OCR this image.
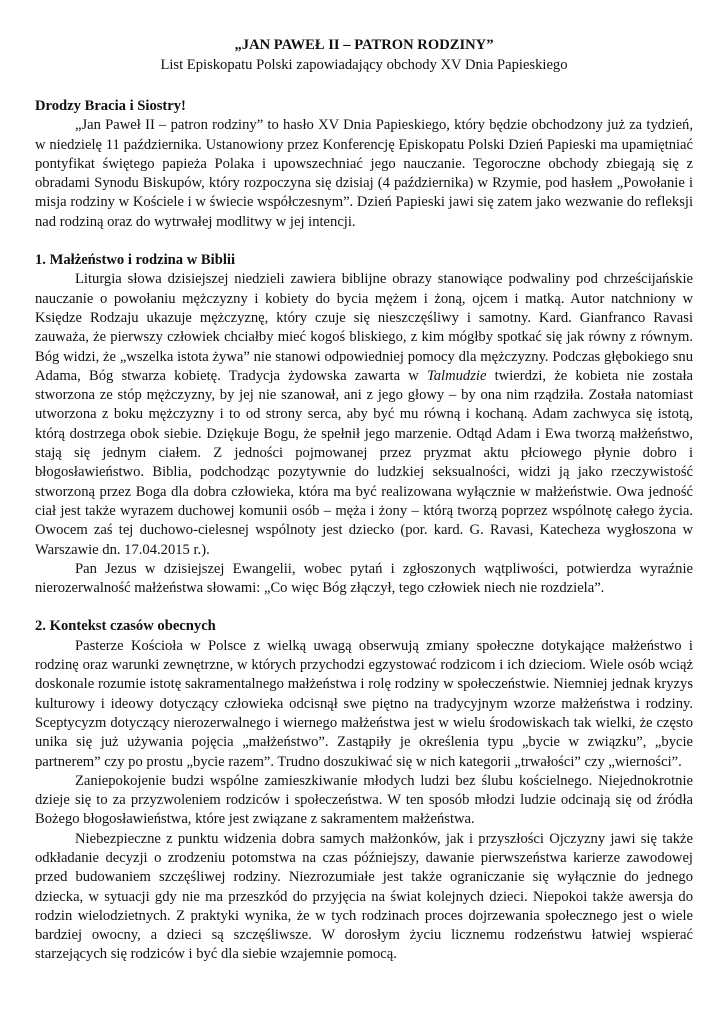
„JAN PAWEŁ II – PATRON RODZINY”

List Episkopatu Polski zapowiadający obchody XV Dnia Papieskiego

Drodzy Bracia i Siostry!

„Jan Paweł II – patron rodziny” to hasło XV Dnia Papieskiego, który będzie obchodzony już za tydzień, w niedzielę 11 października. Ustanowiony przez Konferencję Episkopatu Polski Dzień Papieski ma upamiętniać pontyfikat świętego papieża Polaka i upowszechniać jego nauczanie. Tegoroczne obchody zbiegają się z obradami Synodu Biskupów, który rozpoczyna się dzisiaj (4 października) w Rzymie, pod hasłem „Powołanie i misja rodziny w Kościele i w świecie współczesnym”. Dzień Papieski jawi się zatem jako wezwanie do refleksji nad rodziną oraz do wytrwałej modlitwy w jej intencji.

1. Małżeństwo i rodzina w Biblii

Liturgia słowa dzisiejszej niedzieli zawiera biblijne obrazy stanowiące podwaliny pod chrześcijańskie nauczanie o powołaniu mężczyzny i kobiety do bycia mężem i żoną, ojcem i matką. Autor natchniony w Księdze Rodzaju ukazuje mężczyznę, który czuje się nieszczęśliwy i samotny. Kard. Gianfranco Ravasi zauważa, że pierwszy człowiek chciałby mieć kogoś bliskiego, z kim mógłby spotkać się jak równy z równym. Bóg widzi, że „wszelka istota żywa” nie stanowi odpowiedniej pomocy dla mężczyzny. Podczas głębokiego snu Adama, Bóg stwarza kobietę. Tradycja żydowska zawarta w Talmudzie twierdzi, że kobieta nie została stworzona ze stóp mężczyzny, by jej nie szanował, ani z jego głowy – by ona nim rządziła. Została natomiast utworzona z boku mężczyzny i to od strony serca, aby być mu równą i kochaną. Adam zachwyca się istotą, którą dostrzega obok siebie. Dziękuje Bogu, że spełnił jego marzenie. Odtąd Adam i Ewa tworzą małżeństwo, stają się jednym ciałem. Z jedności pojmowanej przez pryzmat aktu płciowego płynie dobro i błogosławieństwo. Biblia, podchodząc pozytywnie do ludzkiej seksualności, widzi ją jako rzeczywistość stworzoną przez Boga dla dobra człowieka, która ma być realizowana wyłącznie w małżeństwie. Owa jedność ciał jest także wyrazem duchowej komunii osób – męża i żony – którą tworzą poprzez wspólnotę całego życia. Owocem zaś tej duchowo-cielesnej wspólnoty jest dziecko (por. kard. G. Ravasi, Katecheza wygłoszona w Warszawie dn. 17.04.2015 r.).

Pan Jezus w dzisiejszej Ewangelii, wobec pytań i zgłoszonych wątpliwości, potwierdza wyraźnie nierozerwalność małżeństwa słowami: „Co więc Bóg złączył, tego człowiek niech nie rozdziela”.

2. Kontekst czasów obecnych

Pasterze Kościoła w Polsce z wielką uwagą obserwują zmiany społeczne dotykające małżeństwo i rodzinę oraz warunki zewnętrzne, w których przychodzi egzystować rodzicom i ich dzieciom. Wiele osób wciąż doskonale rozumie istotę sakramentalnego małżeństwa i rolę rodziny w społeczeństwie. Niemniej jednak kryzys kulturowy i ideowy dotyczący człowieka odcisnął swe piętno na tradycyjnym wzorze małżeństwa i rodziny. Sceptycyzm dotyczący nierozerwalnego i wiernego małżeństwa jest w wielu środowiskach tak wielki, że często unika się już używania pojęcia „małżeństwo”. Zastąpiły je określenia typu „bycie w związku”, „bycie partnerem” czy po prostu „bycie razem”. Trudno doszukiwać się w nich kategorii „trwałości” czy „wierności”.

Zaniepokojenie budzi wspólne zamieszkiwanie młodych ludzi bez ślubu kościelnego. Niejednokrotnie dzieje się to za przyzwoleniem rodziców i społeczeństwa. W ten sposób młodzi ludzie odcinają się od źródła Bożego błogosławieństwa, które jest związane z sakramentem małżeństwa.

Niebezpieczne z punktu widzenia dobra samych małżonków, jak i przyszłości Ojczyzny jawi się także odkładanie decyzji o zrodzeniu potomstwa na czas późniejszy, dawanie pierwszeństwa karierze zawodowej przed budowaniem szczęśliwej rodziny. Niezrozumiałe jest także ograniczanie się wyłącznie do jednego dziecka, w sytuacji gdy nie ma przeszkód do przyjęcia na świat kolejnych dzieci. Niepokoi także awersja do rodzin wielodzietnych. Z praktyki wynika, że w tych rodzinach proces dojrzewania społecznego jest o wiele bardziej owocny, a dzieci są szczęśliwsze. W dorosłym życiu licznemu rodzeństwu łatwiej wspierać starzejących się rodziców i być dla siebie wzajemnie pomocą.
